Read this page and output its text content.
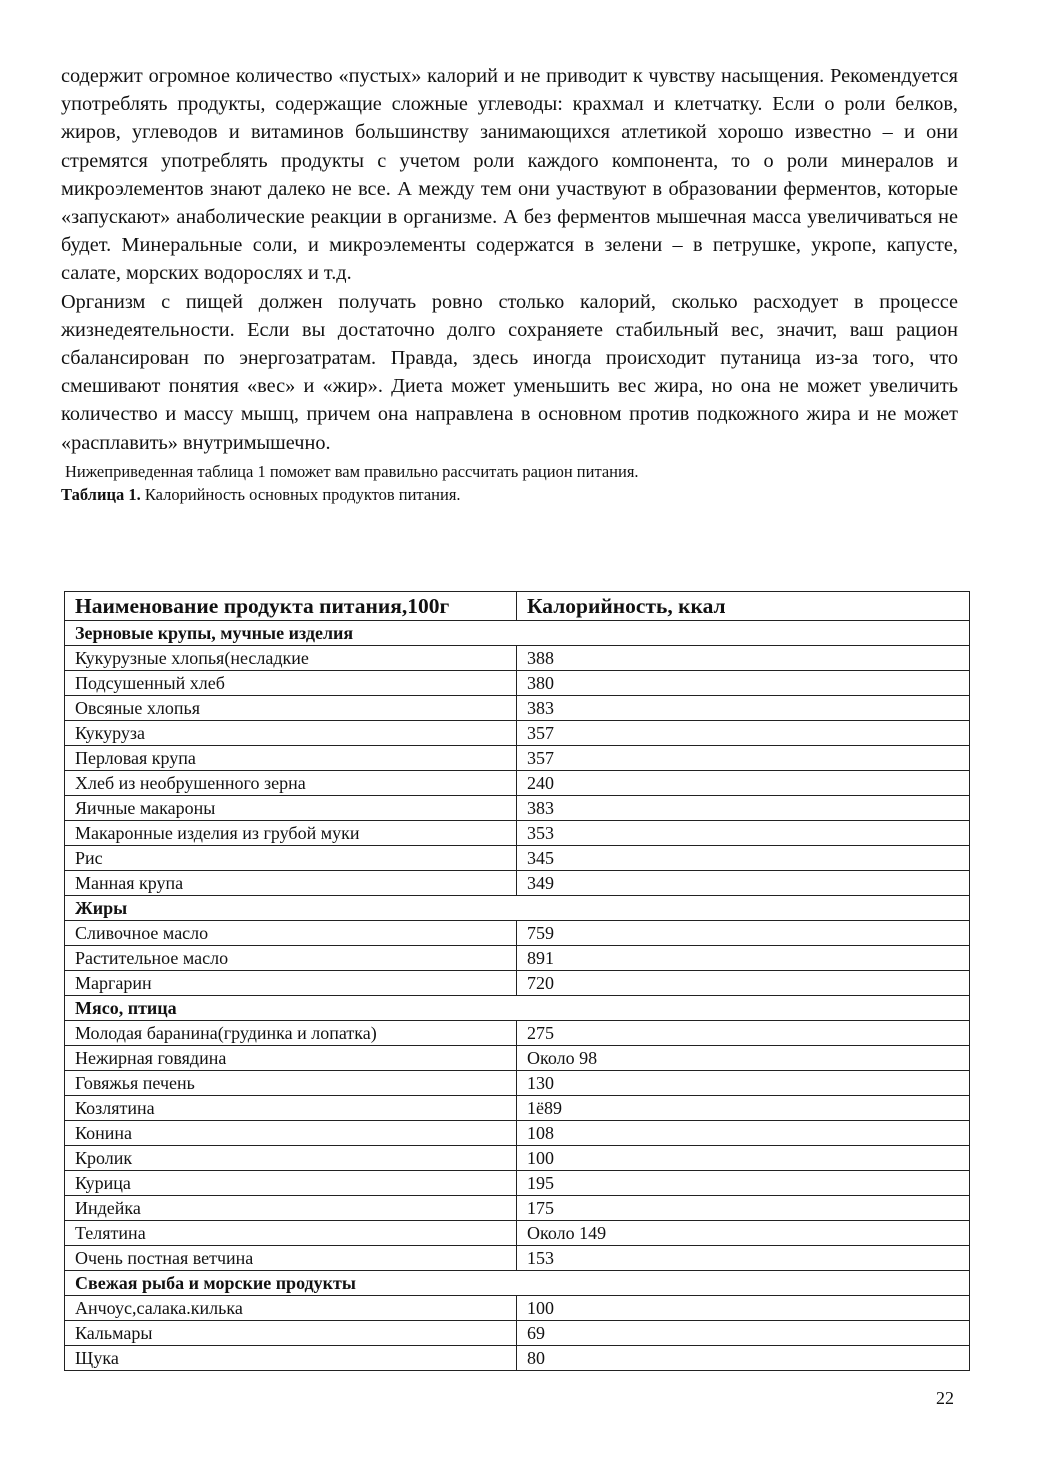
содержит огромное количество «пустых» калорий и не приводит к чувству насыщения. Рекомендуется употреблять продукты, содержащие сложные углеводы: крахмал и клетчатку. Если о роли белков, жиров, углеводов и витаминов большинству занимающихся атлетикой хорошо известно – и они стремятся употреблять продукты с учетом роли каждого компонента, то о роли минералов и микроэлементов знают далеко не все. А между тем они участвуют в образовании ферментов, которые «запускают» анаболические реакции в организме. А без ферментов мышечная масса увеличиваться не будет. Минеральные соли, и микроэлементы содержатся в зелени – в петрушке, укропе, капусте, салате, морских водорослях и т.д.

Организм с пищей должен получать ровно столько калорий, сколько расходует в процессе жизнедеятельности. Если вы достаточно долго сохраняете стабильный вес, значит, ваш рацион сбалансирован по энергозатратам. Правда, здесь иногда происходит путаница из-за того, что смешивают понятия «вес» и «жир». Диета может уменьшить вес жира, но она не может увеличить количество и массу мышц, причем она направлена в основном против подкожного жира и не может «расплавить» внутримышечно.

Нижеприведенная таблица 1 поможет вам правильно рассчитать рацион питания.

Таблица 1. Калорийность основных продуктов питания.

Наименование продукта питания,100г	Калорийность, ккал
Зерновые крупы, мучные изделия	
Кукурузные хлопья(несладкие	388
Подсушенный хлеб	380
Овсяные хлопья	383
Кукуруза	357
Перловая крупа	357
Хлеб из необрушенного зерна	240
Яичные макароны	383
Макаронные изделия из грубой муки	353
Рис	345
Манная крупа	349
Жиры	
Сливочное масло	759
Растительное масло	891
Маргарин	720
Мясо, птица	
Молодая баранина(грудинка и лопатка)	275
Нежирная говядина	Около 98
Говяжья печень	130
Козлятина	1ё89
Конина	108
Кролик	100
Курица	195
Индейка	175
Телятина	Около 149
Очень постная ветчина	153
Свежая рыба и морские продукты	
Анчоус,салака.килька	100
Кальмары	69
Щука	80
22
